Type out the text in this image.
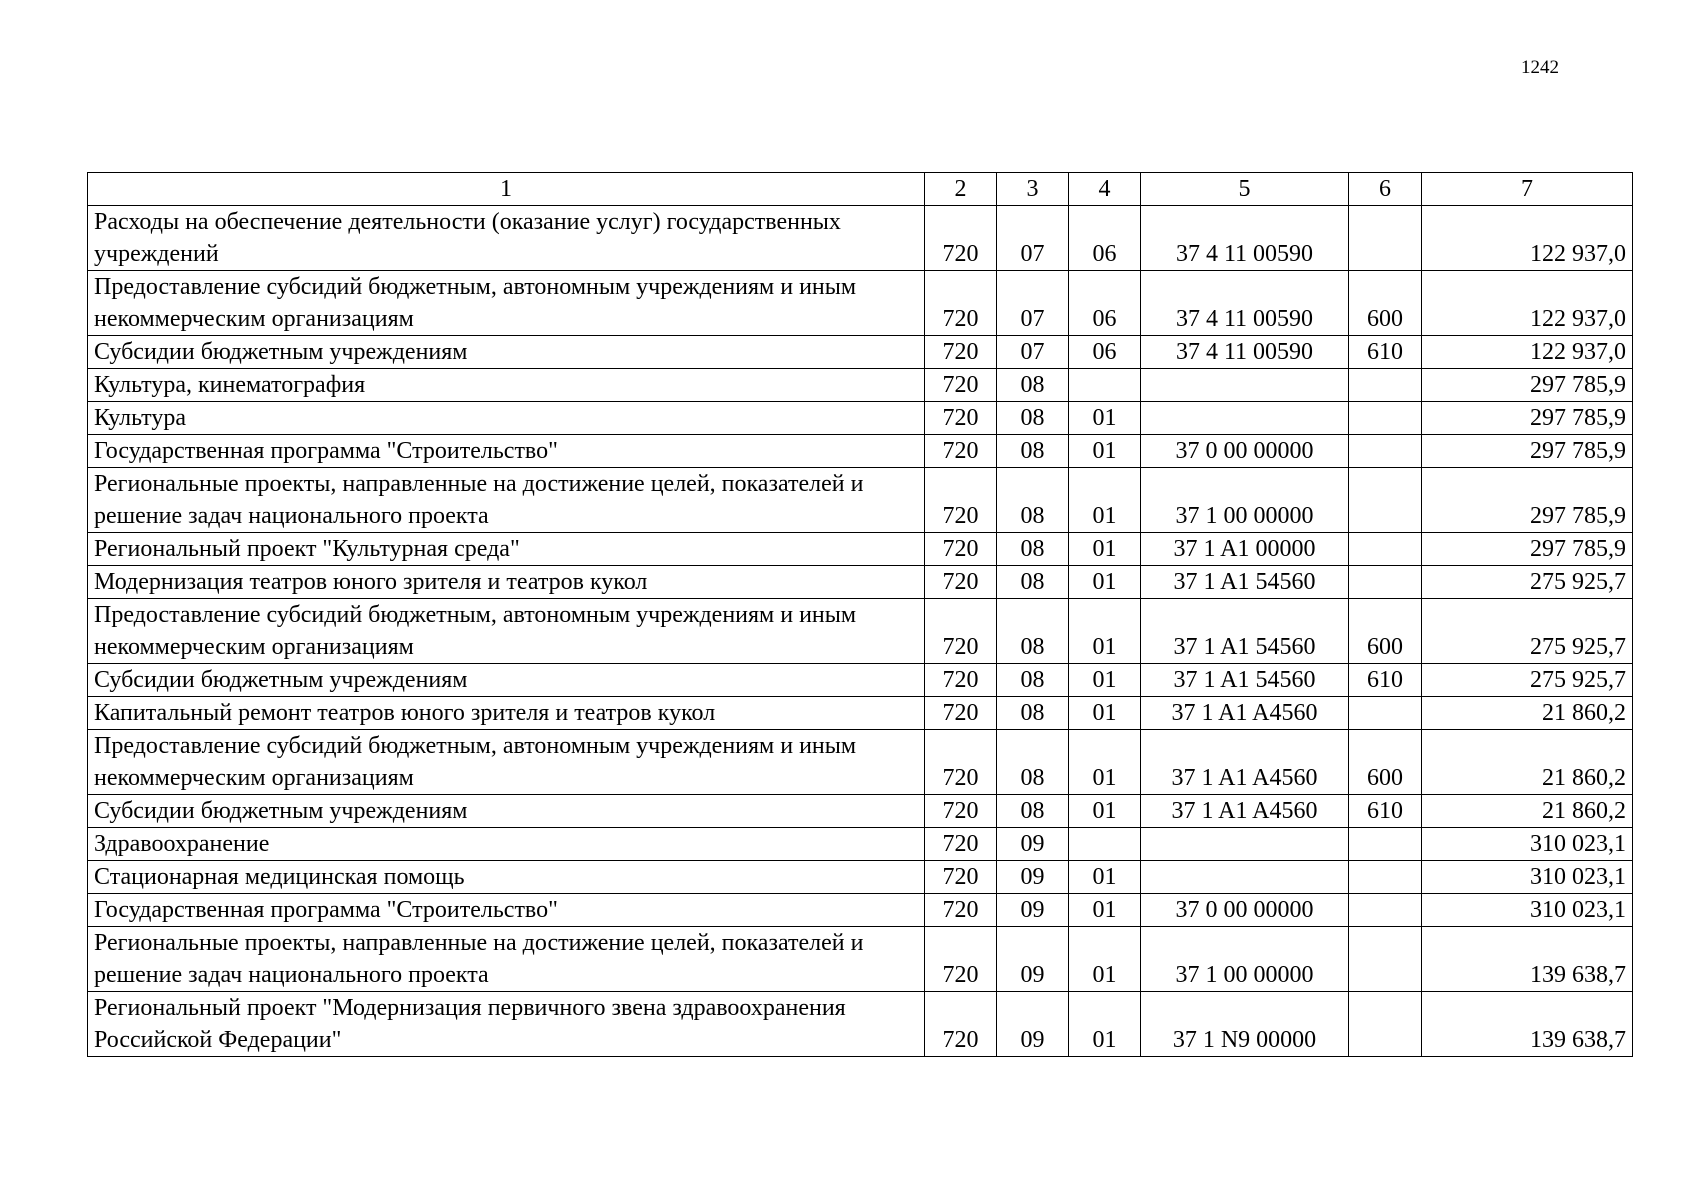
1242
1	2	3	4	5	6	7
Расходы на обеспечение деятельности (оказание услуг) государственных учреждений	720	07	06	37 4 11 00590		122 937,0
Предоставление субсидий бюджетным, автономным учреждениям и иным некоммерческим организациям	720	07	06	37 4 11 00590	600	122 937,0
Субсидии бюджетным учреждениям	720	07	06	37 4 11 00590	610	122 937,0
Культура, кинематография	720	08				297 785,9
Культура	720	08	01			297 785,9
Государственная программа "Строительство"	720	08	01	37 0 00 00000		297 785,9
Региональные проекты, направленные на достижение целей, показателей и решение задач национального проекта	720	08	01	37 1 00 00000		297 785,9
Региональный проект "Культурная среда"	720	08	01	37 1 A1 00000		297 785,9
Модернизация театров юного зрителя и театров кукол	720	08	01	37 1 A1 54560		275 925,7
Предоставление субсидий бюджетным, автономным учреждениям и иным некоммерческим организациям	720	08	01	37 1 A1 54560	600	275 925,7
Субсидии бюджетным учреждениям	720	08	01	37 1 A1 54560	610	275 925,7
Капитальный ремонт театров юного зрителя и театров кукол	720	08	01	37 1 A1 A4560		21 860,2
Предоставление субсидий бюджетным, автономным учреждениям и иным некоммерческим организациям	720	08	01	37 1 A1 A4560	600	21 860,2
Субсидии бюджетным учреждениям	720	08	01	37 1 A1 A4560	610	21 860,2
Здравоохранение	720	09				310 023,1
Стационарная медицинская помощь	720	09	01			310 023,1
Государственная программа "Строительство"	720	09	01	37 0 00 00000		310 023,1
Региональные проекты, направленные на достижение целей, показателей и решение задач национального проекта	720	09	01	37 1 00 00000		139 638,7
Региональный проект "Модернизация первичного звена здравоохранения Российской Федерации"	720	09	01	37 1 N9 00000		139 638,7
